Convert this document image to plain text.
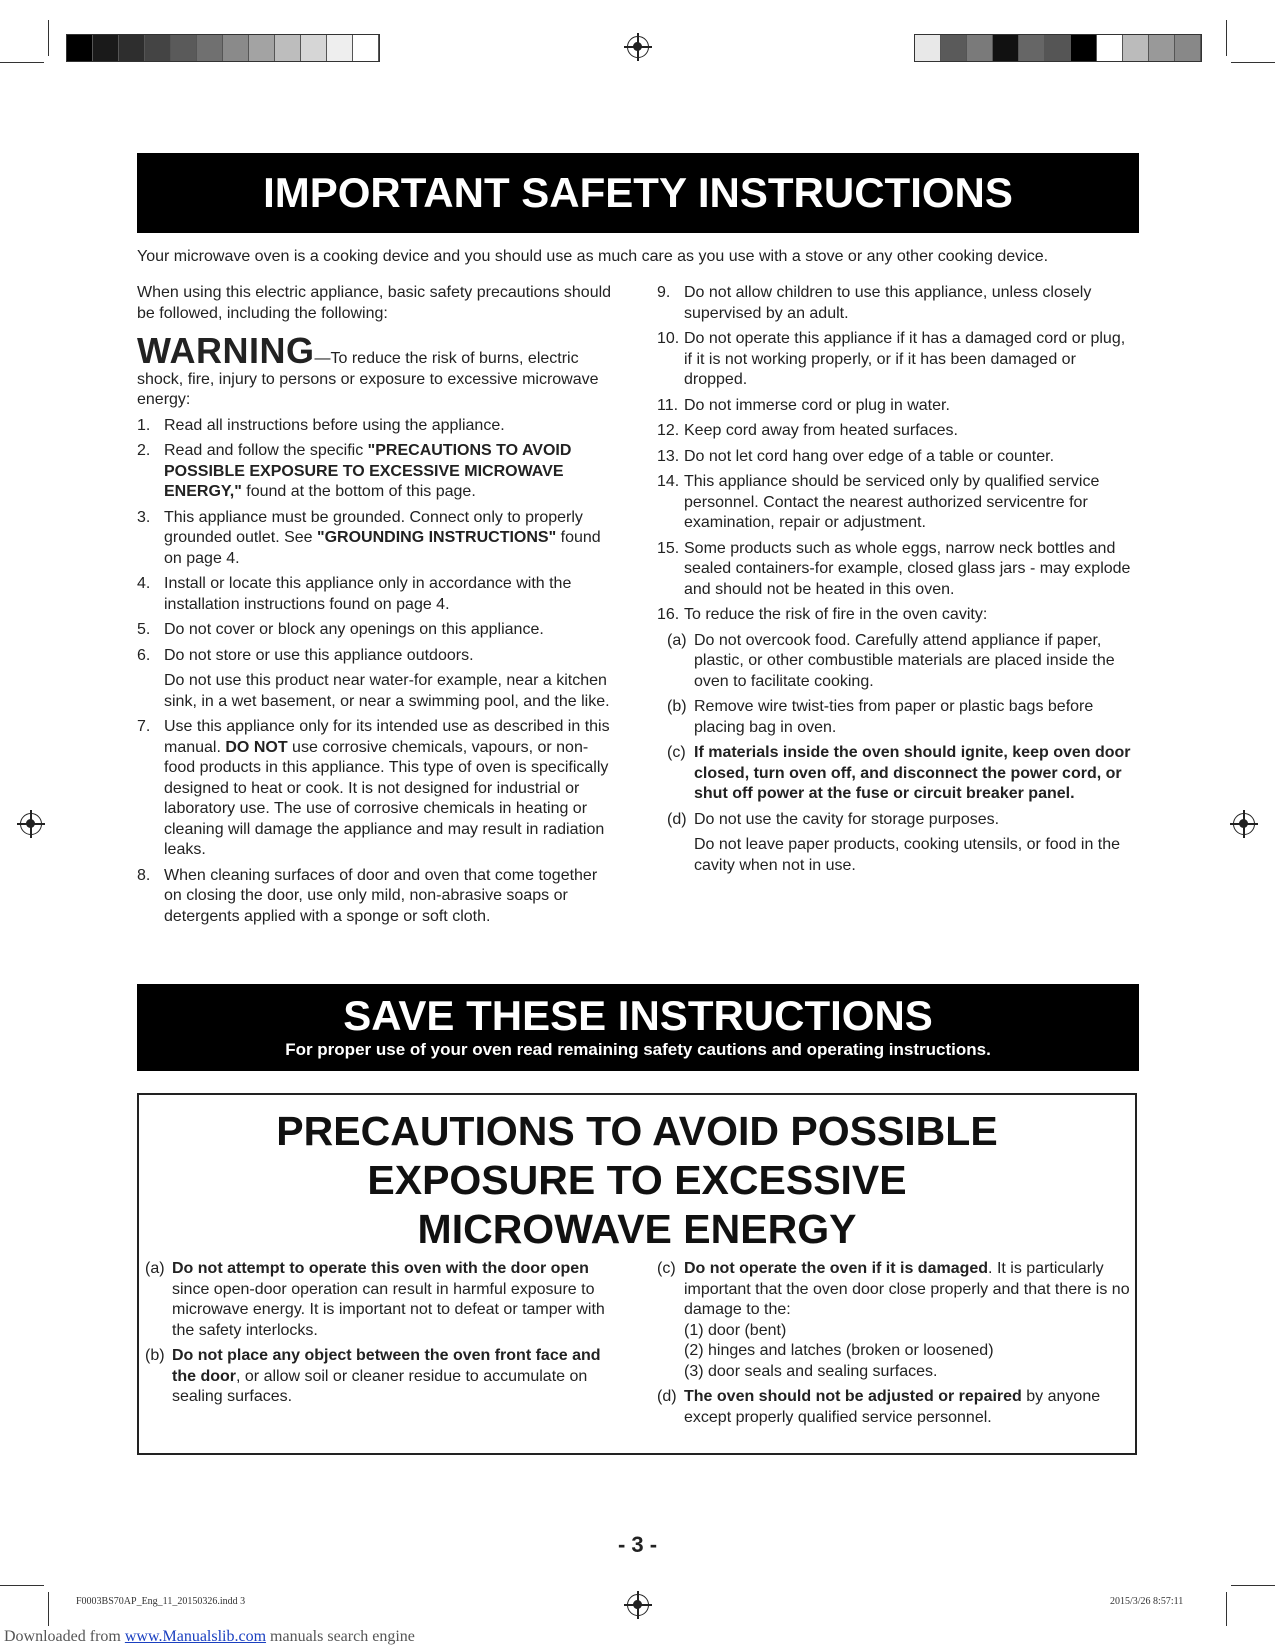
IMPORTANT SAFETY INSTRUCTIONS

Your microwave oven is a cooking device and you should use as much care as you use with a stove or any other cooking device.

When using this electric appliance, basic safety precautions should be followed, including the following:

WARNING—To reduce the risk of burns, electric shock, fire, injury to persons or exposure to excessive microwave energy:

1. Read all instructions before using the appliance.
2. Read and follow the specific "PRECAUTIONS TO AVOID POSSIBLE EXPOSURE TO EXCESSIVE MICROWAVE ENERGY," found at the bottom of this page.
3. This appliance must be grounded. Connect only to properly grounded outlet. See "GROUNDING INSTRUCTIONS" found on page 4.
4. Install or locate this appliance only in accordance with the installation instructions found on page 4.
5. Do not cover or block any openings on this appliance.
6. Do not store or use this appliance outdoors.
Do not use this product near water-for example, near a kitchen sink, in a wet basement, or near a swimming pool, and the like.
7. Use this appliance only for its intended use as described in this manual. DO NOT use corrosive chemicals, vapours, or non-food products in this appliance. This type of oven is specifically designed to heat or cook. It is not designed for industrial or laboratory use. The use of corrosive chemicals in heating or cleaning will damage the appliance and may result in radiation leaks.
8. When cleaning surfaces of door and oven that come together on closing the door, use only mild, non-abrasive soaps or detergents applied with a sponge or soft cloth.
9. Do not allow children to use this appliance, unless closely supervised by an adult.
10. Do not operate this appliance if it has a damaged cord or plug, if it is not working properly, or if it has been damaged or dropped.
11. Do not immerse cord or plug in water.
12. Keep cord away from heated surfaces.
13. Do not let cord hang over edge of a table or counter.
14. This appliance should be serviced only by qualified service personnel. Contact the nearest authorized servicentre for examination, repair or adjustment.
15. Some products such as whole eggs, narrow neck bottles and sealed containers-for example, closed glass jars - may explode and should not be heated in this oven.
16. To reduce the risk of fire in the oven cavity:
(a) Do not overcook food. Carefully attend appliance if paper, plastic, or other combustible materials are placed inside the oven to facilitate cooking.
(b) Remove wire twist-ties from paper or plastic bags before placing bag in oven.
(c) If materials inside the oven should ignite, keep oven door closed, turn oven off, and disconnect the power cord, or shut off power at the fuse or circuit breaker panel.
(d) Do not use the cavity for storage purposes.
Do not leave paper products, cooking utensils, or food in the cavity when not in use.
SAVE THESE INSTRUCTIONS

For proper use of your oven read remaining safety cautions and operating instructions.

PRECAUTIONS TO AVOID POSSIBLE
EXPOSURE TO EXCESSIVE
MICROWAVE ENERGY
(a) Do not attempt to operate this oven with the door open since open-door operation can result in harmful exposure to microwave energy. It is important not to defeat or tamper with the safety interlocks.
(b) Do not place any object between the oven front face and the door, or allow soil or cleaner residue to accumulate on sealing surfaces.
(c) Do not operate the oven if it is damaged. It is particularly important that the oven door close properly and that there is no damage to the:
(1) door (bent)
(2) hinges and latches (broken or loosened)
(3) door seals and sealing surfaces.
(d) The oven should not be adjusted or repaired by anyone except properly qualified service personnel.
- 3 -
F0003BS70AP_Eng_11_20150326.indd 3	2015/3/26 8:57:11
Downloaded from www.Manualslib.com manuals search engine
